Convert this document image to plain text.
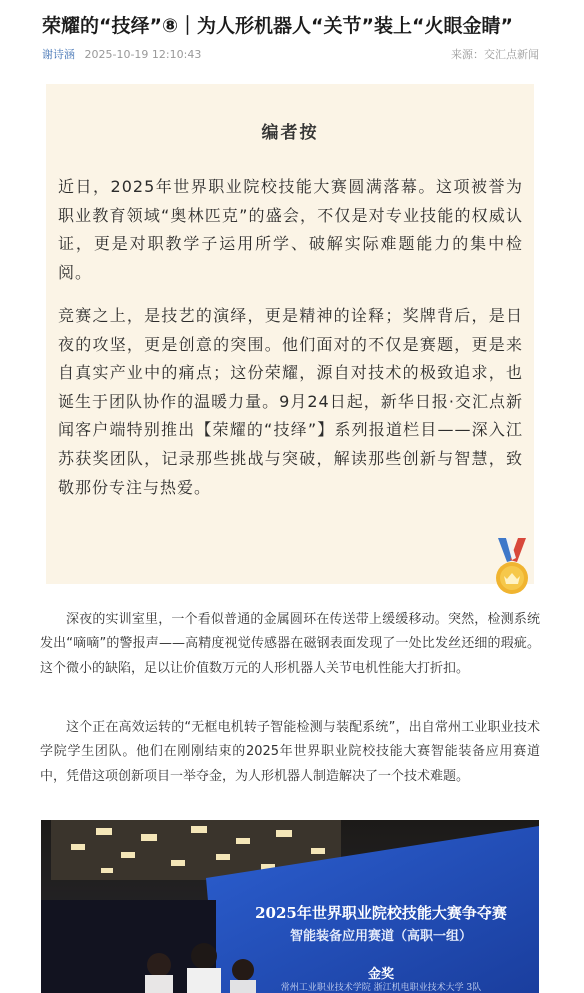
荣耀的“技绎”⑧｜为人形机器人“关节”装上“火眼金睛”
谢诗涵 2025-10-19 12:10:43	来源：交汇点新闻
编者按

近日，2025年世界职业院校技能大赛圆满落幕。这项被誉为职业教育领域“奥林匹克”的盛会，不仅是对专业技能的权威认证，更是对职教学子运用所学、破解实际难题能力的集中检阅。

竞赛之上，是技艺的演绎，更是精神的诠释；奖牌背后，是日夜的攻坚，更是创意的突围。他们面对的不仅是赛题，更是来自真实产业中的痛点；这份荣耀，源自对技术的极致追求，也诞生于团队协作的温暖力量。9月24日起，新华日报·交汇点新闻客户端特别推出【荣耀的“技绎”】系列报道栏目——深入江苏获奖团队，记录那些挑战与突破，解读那些创新与智慧，致敬那份专注与热爱。

深夜的实训室里，一个看似普通的金属圆环在传送带上缓缓移动。突然，检测系统发出“嘀嘀”的警报声——高精度视觉传感器在磁钢表面发现了一处比发丝还细的瑕疵。这个微小的缺陷，足以让价值数万元的人形机器人关节电机性能大打折扣。

这个正在高效运转的“无框电机转子智能检测与装配系统”，出自常州工业职业技术学院学生团队。他们在刚刚结束的2025年世界职业院校技能大赛智能装备应用赛道中，凭借这项创新项目一举夺金，为人形机器人制造解决了一个技术难题。

2025年世界职业院校技能大赛争夺赛
智能装备应用赛道（高职一组）
金奖
常州工业职业技术学院 浙江机电职业技术大学 3队
